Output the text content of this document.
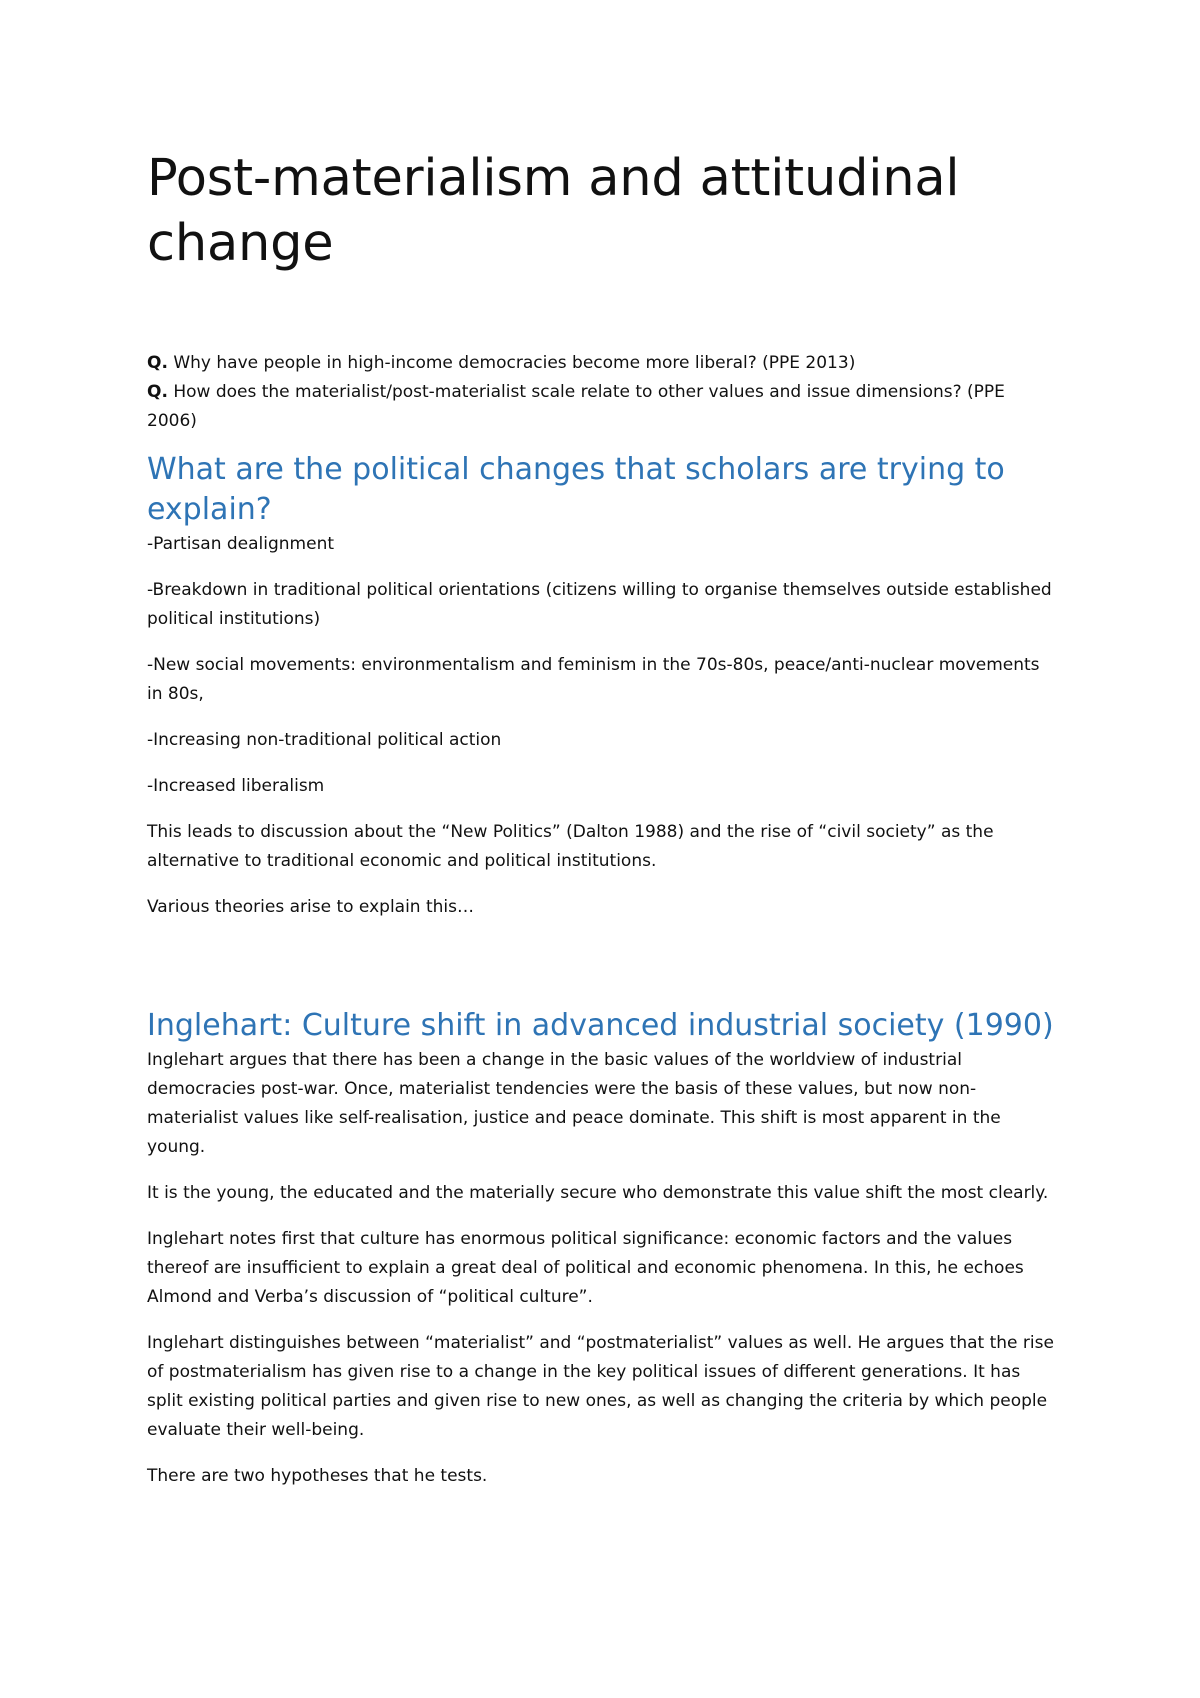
Post-materialism and attitudinal change

Q. Why have people in high-income democracies become more liberal? (PPE 2013)

Q. How does the materialist/post-materialist scale relate to other values and issue dimensions? (PPE 2006)

What are the political changes that scholars are trying to explain?

-Partisan dealignment

-Breakdown in traditional political orientations (citizens willing to organise themselves outside established political institutions)

-New social movements: environmentalism and feminism in the 70s-80s, peace/anti-nuclear movements in 80s,

-Increasing non-traditional political action

-Increased liberalism

This leads to discussion about the “New Politics” (Dalton 1988) and the rise of “civil society” as the alternative to traditional economic and political institutions.

Various theories arise to explain this…

Inglehart: Culture shift in advanced industrial society (1990)

Inglehart argues that there has been a change in the basic values of the worldview of industrial democracies post-war. Once, materialist tendencies were the basis of these values, but now non-materialist values like self-realisation, justice and peace dominate. This shift is most apparent in the young.

It is the young, the educated and the materially secure who demonstrate this value shift the most clearly.

Inglehart notes first that culture has enormous political significance: economic factors and the values thereof are insufficient to explain a great deal of political and economic phenomena. In this, he echoes Almond and Verba’s discussion of “political culture”.

Inglehart distinguishes between “materialist” and “postmaterialist” values as well. He argues that the rise of postmaterialism has given rise to a change in the key political issues of different generations. It has split existing political parties and given rise to new ones, as well as changing the criteria by which people evaluate their well-being.

There are two hypotheses that he tests.
